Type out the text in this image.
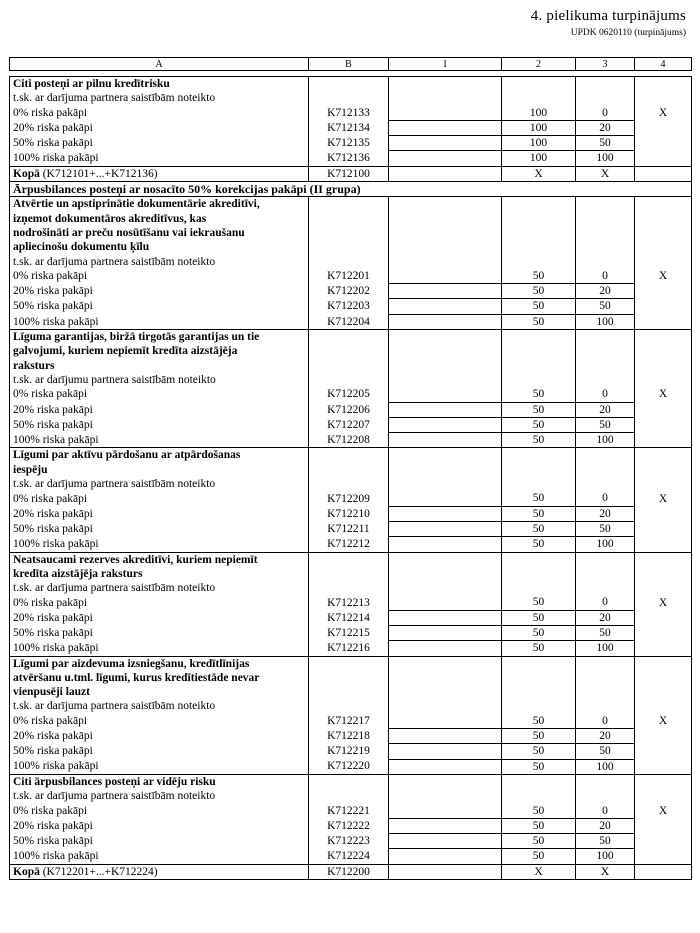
4. pielikuma turpinājums
UPDK 0620110 (turpinājums)
A	B	1	2	3	4

Citi posteņi ar pilnu kredītrisku					
t.sk. ar darījuma partnera saistībām noteikto					
0% riska pakāpi	K712133		100	0	X
20% riska pakāpi	K712134		100	20	
50% riska pakāpi	K712135		100	50	
100% riska pakāpi	K712136		100	100	
Kopā (K712101+...+K712136)	K712100		X	X	
Ārpusbilances posteņi ar nosacīto 50% korekcijas pakāpi (II grupa)					
Atvērtie un apstiprinātie dokumentārie akreditīvi,					
izņemot dokumentāros akreditīvus, kas					
nodrošināti ar preču nosūtīšanu vai iekraušanu					
apliecinošu dokumentu ķīlu					
t.sk. ar darījuma partnera saistībām noteikto					
0% riska pakāpi	K712201		50	0	X
20% riska pakāpi	K712202		50	20	
50% riska pakāpi	K712203		50	50	
100% riska pakāpi	K712204		50	100	
Līguma garantijas, biržā tirgotās garantijas un tie					
galvojumi, kuriem nepiemīt kredīta aizstājēja					
raksturs					
t.sk. ar darījumu partnera saistībām noteikto					
0% riska pakāpi	K712205		50	0	X
20% riska pakāpi	K712206		50	20	
50% riska pakāpi	K712207		50	50	
100% riska pakāpi	K712208		50	100	
Līgumi par aktīvu pārdošanu ar atpārdošanas					
iespēju					
t.sk. ar darījuma partnera saistībām noteikto					
0% riska pakāpi	K712209		50	0	X
20% riska pakāpi	K712210		50	20	
50% riska pakāpi	K712211		50	50	
100% riska pakāpi	K712212		50	100	
Neatsaucami rezerves akreditīvi, kuriem nepiemīt					
kredīta aizstājēja raksturs					
t.sk. ar darījuma partnera saistībām noteikto					
0% riska pakāpi	K712213		50	0	X
20% riska pakāpi	K712214		50	20	
50% riska pakāpi	K712215		50	50	
100% riska pakāpi	K712216		50	100	
Līgumi par aizdevuma izsniegšanu, kredītlīnijas					
atvēršanu u.tml. līgumi, kurus kredītiestāde nevar					
vienpusēji lauzt					
t.sk. ar darījuma partnera saistībām noteikto					
0% riska pakāpi	K712217		50	0	X
20% riska pakāpi	K712218		50	20	
50% riska pakāpi	K712219		50	50	
100% riska pakāpi	K712220		50	100	
Citi ārpusbilances posteņi ar vidēju risku					
t.sk. ar darījuma partnera saistībām noteikto					
0% riska pakāpi	K712221		50	0	X
20% riska pakāpi	K712222		50	20	
50% riska pakāpi	K712223		50	50	
100% riska pakāpi	K712224		50	100	
Kopā (K712201+...+K712224)	K712200		X	X	
